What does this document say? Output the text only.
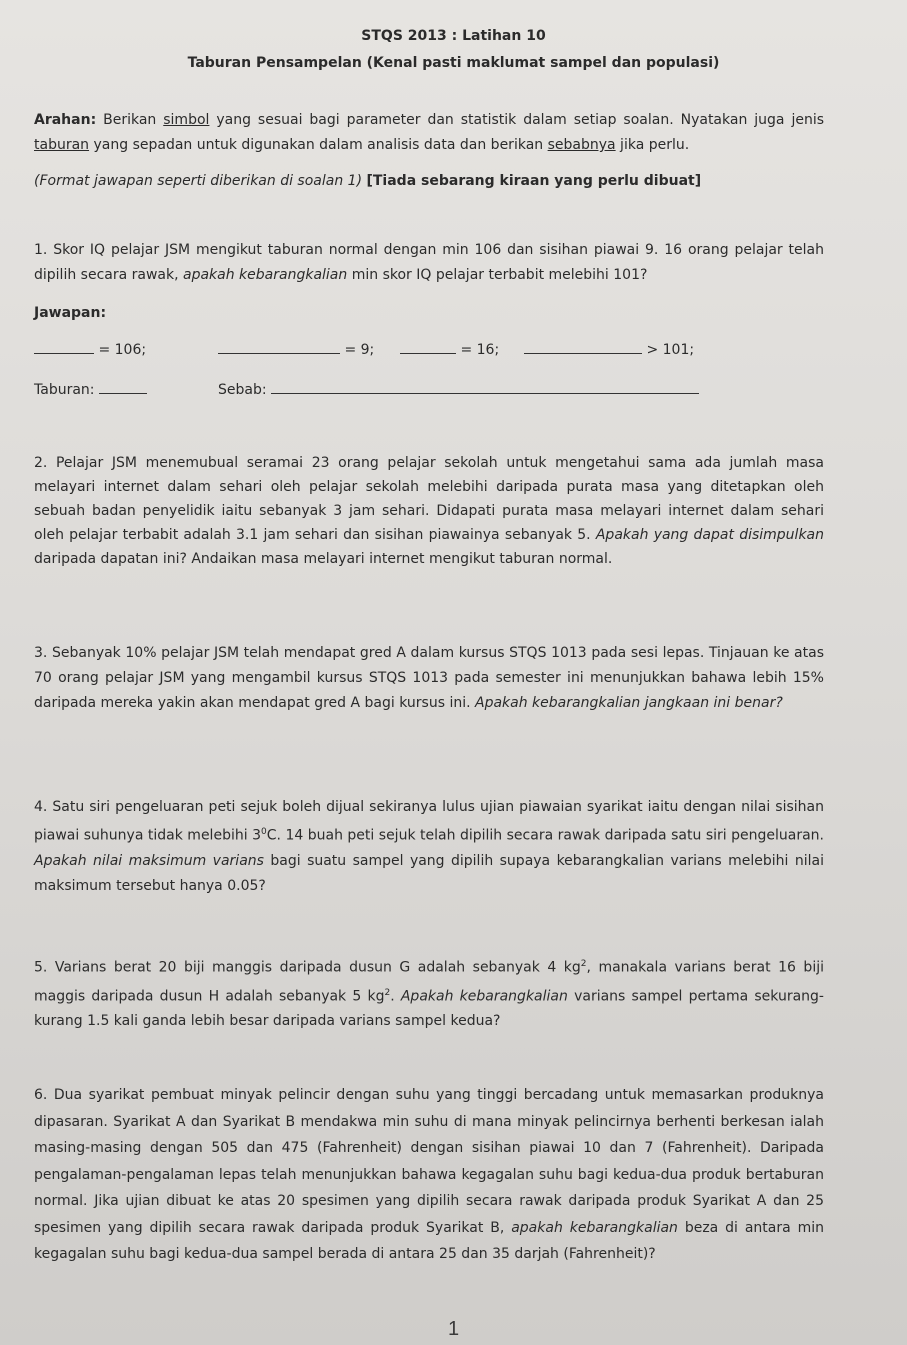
STQS 2013 : Latihan 10
Taburan Pensampelan (Kenal pasti maklumat sampel dan populasi)
Arahan: Berikan simbol yang sesuai bagi parameter dan statistik dalam setiap soalan. Nyatakan juga jenis taburan yang sepadan untuk digunakan dalam analisis data dan berikan sebabnya jika perlu.
(Format jawapan seperti diberikan di soalan 1) [Tiada sebarang kiraan yang perlu dibuat]
1. Skor IQ pelajar JSM mengikut taburan normal dengan min 106 dan sisihan piawai 9. 16 orang pelajar telah dipilih secara rawak, apakah kebarangkalian min skor IQ pelajar terbabit melebihi 101?
Jawapan:
= 106;	= 9;	= 16;	> 101;
Taburan:	Sebab:
2. Pelajar JSM menemubual seramai 23 orang pelajar sekolah untuk mengetahui sama ada jumlah masa melayari internet dalam sehari oleh pelajar sekolah melebihi daripada purata masa yang ditetapkan oleh sebuah badan penyelidik iaitu sebanyak 3 jam sehari. Didapati purata masa melayari internet dalam sehari oleh pelajar terbabit adalah 3.1 jam sehari dan sisihan piawainya sebanyak 5. Apakah yang dapat disimpulkan daripada dapatan ini? Andaikan masa melayari internet mengikut taburan normal.
3. Sebanyak 10% pelajar JSM telah mendapat gred A dalam kursus STQS 1013 pada sesi lepas. Tinjauan ke atas 70 orang pelajar JSM yang mengambil kursus STQS 1013 pada semester ini menunjukkan bahawa lebih 15% daripada mereka yakin akan mendapat gred A bagi kursus ini. Apakah kebarangkalian jangkaan ini benar?
4. Satu siri pengeluaran peti sejuk boleh dijual sekiranya lulus ujian piawaian syarikat iaitu dengan nilai sisihan piawai suhunya tidak melebihi $3^0C$. 14 buah peti sejuk telah dipilih secara rawak daripada satu siri pengeluaran. Apakah nilai maksimum varians bagi suatu sampel yang dipilih supaya kebarangkalian varians melebihi nilai maksimum tersebut hanya 0.05?
5. Varians berat 20 biji manggis daripada dusun G adalah sebanyak 4 $kg^2$, manakala varians berat 16 biji maggis daripada dusun H adalah sebanyak 5 $kg^2$. Apakah kebarangkalian varians sampel pertama sekurang-kurang 1.5 kali ganda lebih besar daripada varians sampel kedua?
6. Dua syarikat pembuat minyak pelincir dengan suhu yang tinggi bercadang untuk memasarkan produknya dipasaran. Syarikat A dan Syarikat B mendakwa min suhu di mana minyak pelincirnya berhenti berkesan ialah masing-masing dengan 505 dan 475 (Fahrenheit) dengan sisihan piawai 10 dan 7 (Fahrenheit). Daripada pengalaman-pengalaman lepas telah menunjukkan bahawa kegagalan suhu bagi kedua-dua produk bertaburan normal. Jika ujian dibuat ke atas 20 spesimen yang dipilih secara rawak daripada produk Syarikat A dan 25 spesimen yang dipilih secara rawak daripada produk Syarikat B, apakah kebarangkalian beza di antara min kegagalan suhu bagi kedua-dua sampel berada di antara 25 dan 35 darjah (Fahrenheit)?
1
